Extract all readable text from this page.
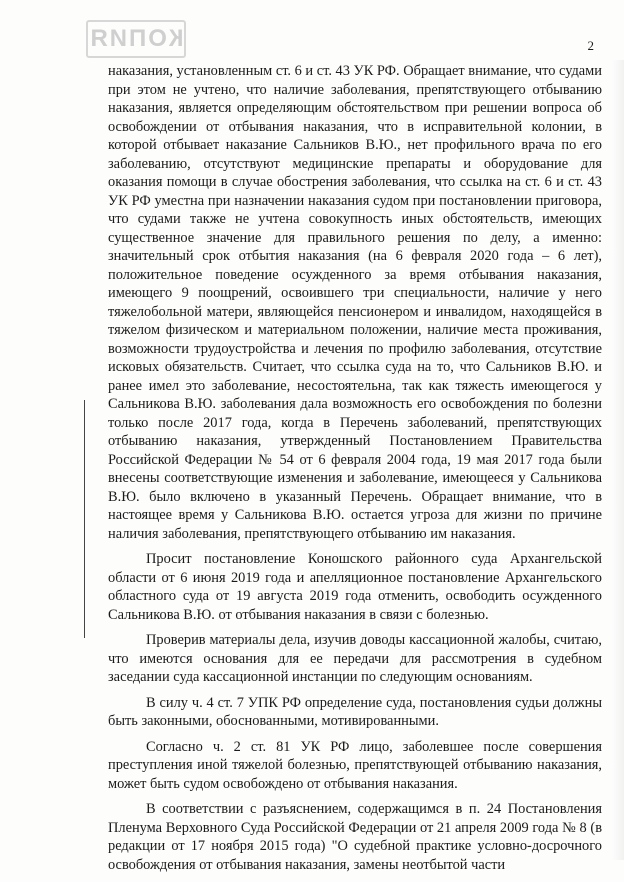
КОПИЯ	2

наказания, установленным ст. 6 и ст. 43 УК РФ. Обращает внимание, что судами при этом не учтено, что наличие заболевания, препятствующего отбыванию наказания, является определяющим обстоятельством при решении вопроса об освобождении от отбывания наказания, что в исправительной колонии, в которой отбывает наказание Сальников В.Ю., нет профильного врача по его заболеванию, отсутствуют медицинские препараты и оборудование для оказания помощи в случае обострения заболевания, что ссылка на ст. 6 и ст. 43 УК РФ уместна при назначении наказания судом при постановлении приговора, что судами также не учтена совокупность иных обстоятельств, имеющих существенное значение для правильного решения по делу, а именно: значительный срок отбытия наказания (на 6 февраля 2020 года – 6 лет), положительное поведение осужденного за время отбывания наказания, имеющего 9 поощрений, освоившего три специальности, наличие у него тяжелобольной матери, являющейся пенсионером и инвалидом, находящейся в тяжелом физическом и материальном положении, наличие места проживания, возможности трудоустройства и лечения по профилю заболевания, отсутствие исковых обязательств. Считает, что ссылка суда на то, что Сальников В.Ю. и ранее имел это заболевание, несостоятельна, так как тяжесть имеющегося у Сальникова В.Ю. заболевания дала возможность его освобождения по болезни только после 2017 года, когда в Перечень заболеваний, препятствующих отбыванию наказания, утвержденный Постановлением Правительства Российской Федерации № 54 от 6 февраля 2004 года, 19 мая 2017 года были внесены соответствующие изменения и заболевание, имеющееся у Сальникова В.Ю. было включено в указанный Перечень. Обращает внимание, что в настоящее время у Сальникова В.Ю. остается угроза для жизни по причине наличия заболевания, препятствующего отбыванию им наказания.

Просит постановление Коношского районного суда Архангельской области от 6 июня 2019 года и апелляционное постановление Архангельского областного суда от 19 августа 2019 года отменить, освободить осужденного Сальникова В.Ю. от отбывания наказания в связи с болезнью.

Проверив материалы дела, изучив доводы кассационной жалобы, считаю, что имеются основания для ее передачи для рассмотрения в судебном заседании суда кассационной инстанции по следующим основаниям.

В силу ч. 4 ст. 7 УПК РФ определение суда, постановления судьи должны быть законными, обоснованными, мотивированными.

Согласно ч. 2 ст. 81 УК РФ лицо, заболевшее после совершения преступления иной тяжелой болезнью, препятствующей отбыванию наказания, может быть судом освобождено от отбывания наказания.

В соответствии с разъяснением, содержащимся в п. 24 Постановления Пленума Верховного Суда Российской Федерации от 21 апреля 2009 года № 8 (в редакции от 17 ноября 2015 года) "О судебной практике условно-досрочного освобождения от отбывания наказания, замены неотбытой части
